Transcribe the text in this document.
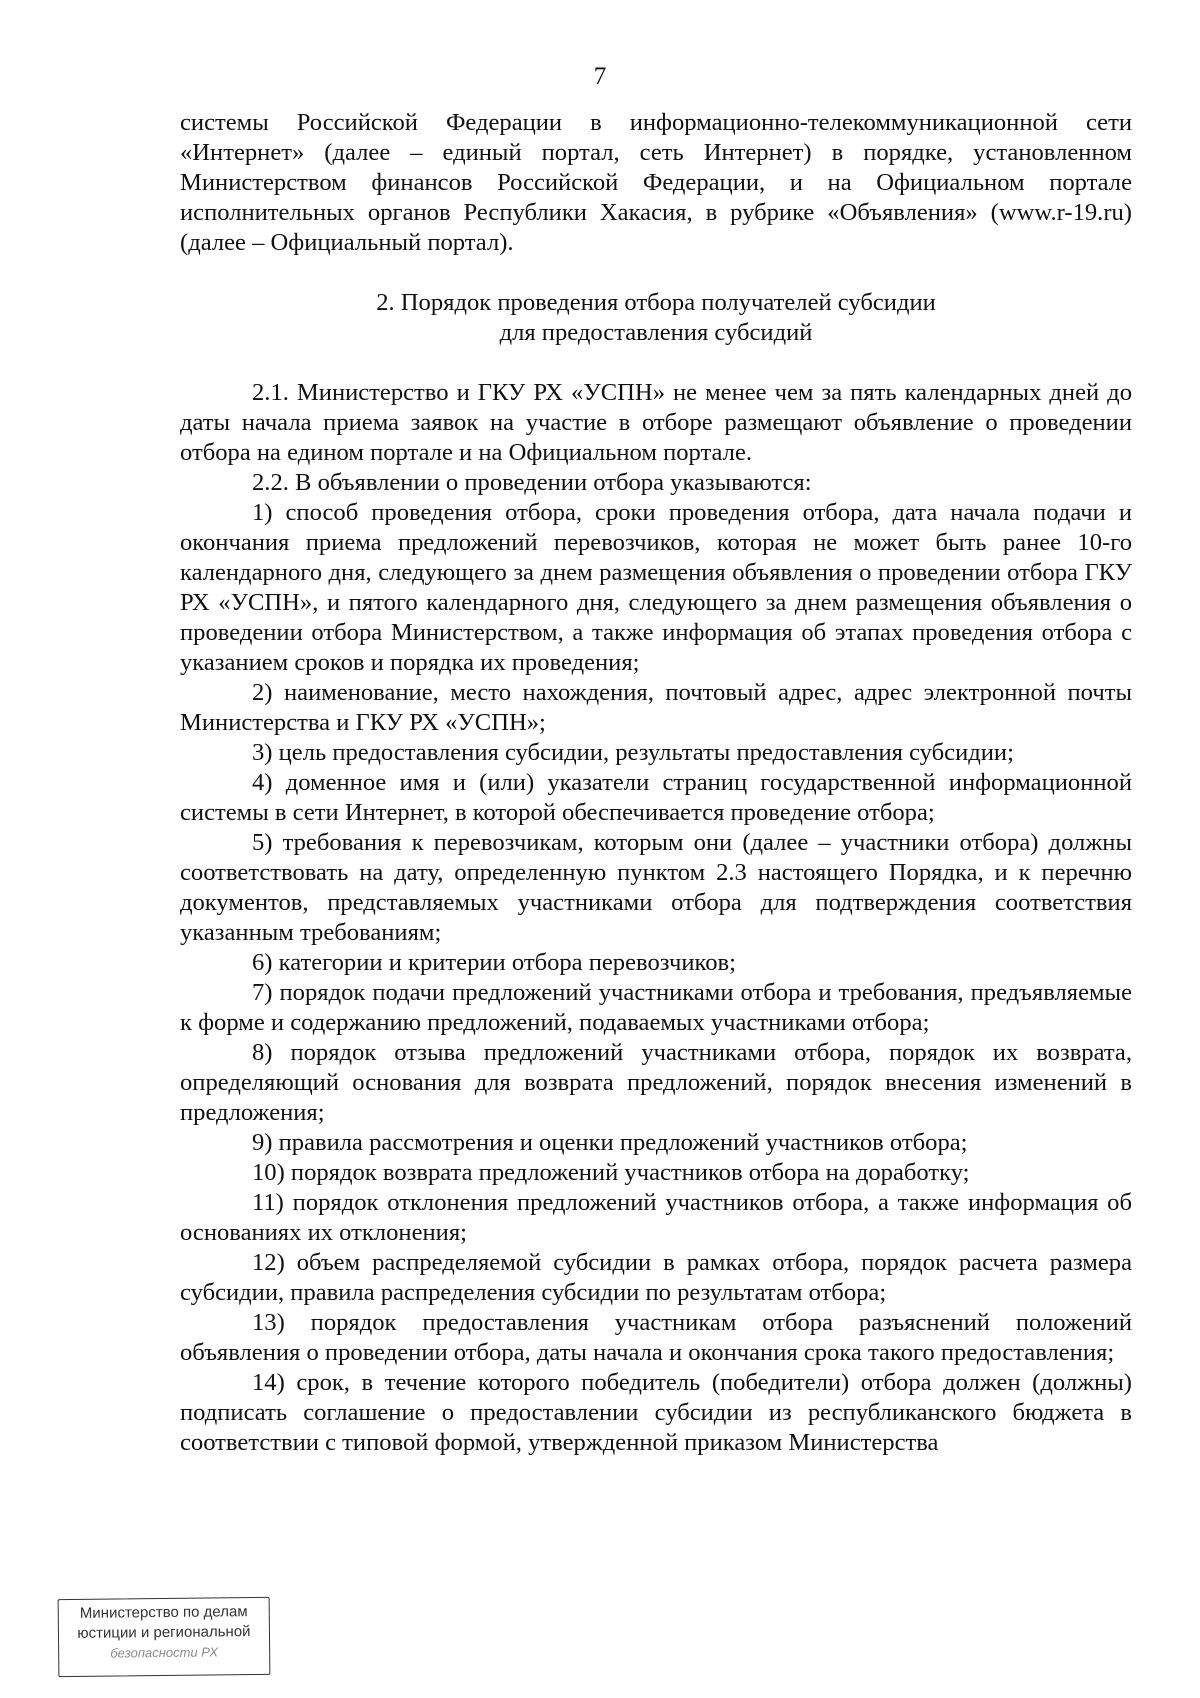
7

системы Российской Федерации в информационно-телекоммуникационной сети «Интернет» (далее – единый портал, сеть Интернет) в порядке, установленном Министерством финансов Российской Федерации, и на Официальном портале исполнительных органов Республики Хакасия, в рубрике «Объявления» (www.r-19.ru) (далее – Официальный портал).

2. Порядок проведения отбора получателей субсидии
для предоставления субсидий

2.1. Министерство и ГКУ РХ «УСПН» не менее чем за пять календарных дней до даты начала приема заявок на участие в отборе размещают объявление о проведении отбора на едином портале и на Официальном портале.

2.2. В объявлении о проведении отбора указываются:

1) способ проведения отбора, сроки проведения отбора, дата начала подачи и окончания приема предложений перевозчиков, которая не может быть ранее 10-го календарного дня, следующего за днем размещения объявления о проведении отбора ГКУ РХ «УСПН», и пятого календарного дня, следующего за днем размещения объявления о проведении отбора Министерством, а также информация об этапах проведения отбора с указанием сроков и порядка их проведения;

2) наименование, место нахождения, почтовый адрес, адрес электронной почты Министерства и ГКУ РХ «УСПН»;

3) цель предоставления субсидии, результаты предоставления субсидии;

4) доменное имя и (или) указатели страниц государственной информационной системы в сети Интернет, в которой обеспечивается проведение отбора;

5) требования к перевозчикам, которым они (далее – участники отбора) должны соответствовать на дату, определенную пунктом 2.3 настоящего Порядка, и к перечню документов, представляемых участниками отбора для подтверждения соответствия указанным требованиям;

6) категории и критерии отбора перевозчиков;

7) порядок подачи предложений участниками отбора и требования, предъявляемые к форме и содержанию предложений, подаваемых участниками отбора;

8) порядок отзыва предложений участниками отбора, порядок их возврата, определяющий основания для возврата предложений, порядок внесения изменений в предложения;

9) правила рассмотрения и оценки предложений участников отбора;

10) порядок возврата предложений участников отбора на доработку;

11) порядок отклонения предложений участников отбора, а также информация об основаниях их отклонения;

12) объем распределяемой субсидии в рамках отбора, порядок расчета размера субсидии, правила распределения субсидии по результатам отбора;

13) порядок предоставления участникам отбора разъяснений положений объявления о проведении отбора, даты начала и окончания срока такого предоставления;

14) срок, в течение которого победитель (победители) отбора должен (должны) подписать соглашение о предоставлении субсидии из республиканского бюджета в соответствии с типовой формой, утвержденной приказом Министерства

Министерство по делам
юстиции и региональной
безопасности РХ
